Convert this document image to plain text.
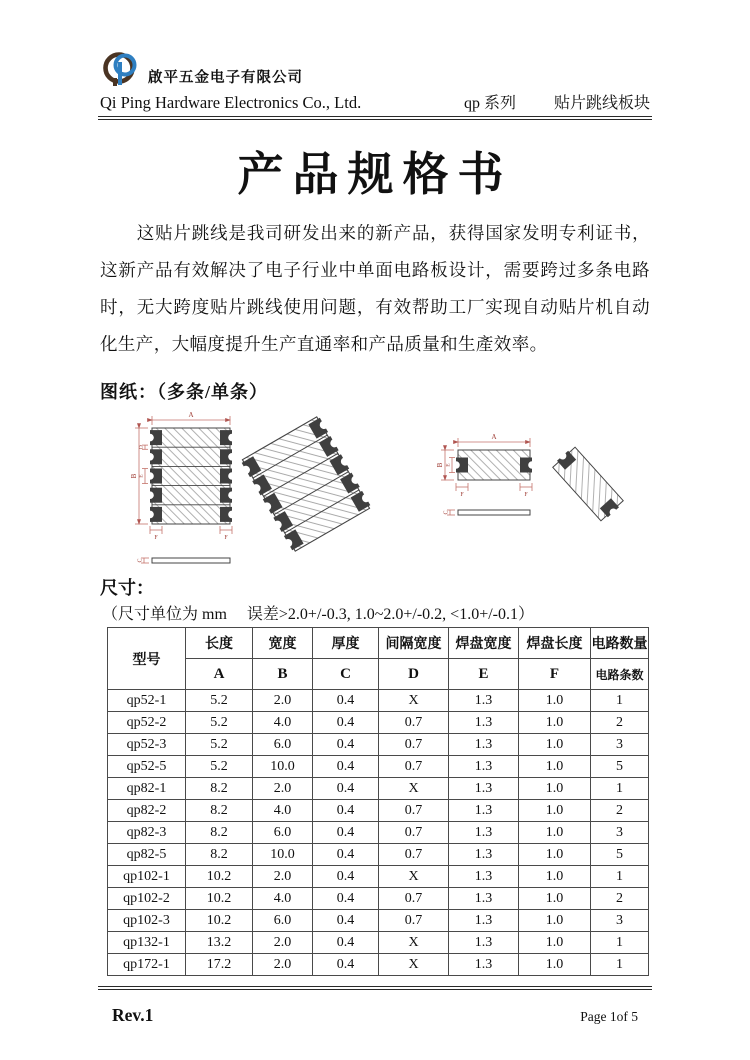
啟平五金电子有限公司
Qi Ping Hardware Electronics Co., Ltd.	qp 系列 贴片跳线板块
产品规格书
这贴片跳线是我司研发出来的新产品，获得国家发明专利证书，这新产品有效解决了电子行业中单面电路板设计，需要跨过多条电路时，无大跨度贴片跳线使用问题，有效帮助工厂实现自动贴片机自动化生产，大幅度提升生产直通率和产品质量和生產效率。
图纸：（多条/单条）
A
B
D
E
F	F
C
A
B E
F	F
C
尺寸：
（尺寸单位为 mm　 误差>2.0+/-0.3, 1.0~2.0+/-0.2, <1.0+/-0.1）
型号	长度	宽度	厚度	间隔宽度	焊盘宽度	焊盘长度	电路数量
	A	B	C	D	E	F	电路条数
qp52-1	5.2	2.0	0.4	X	1.3	1.0	1
qp52-2	5.2	4.0	0.4	0.7	1.3	1.0	2
qp52-3	5.2	6.0	0.4	0.7	1.3	1.0	3
qp52-5	5.2	10.0	0.4	0.7	1.3	1.0	5
qp82-1	8.2	2.0	0.4	X	1.3	1.0	1
qp82-2	8.2	4.0	0.4	0.7	1.3	1.0	2
qp82-3	8.2	6.0	0.4	0.7	1.3	1.0	3
qp82-5	8.2	10.0	0.4	0.7	1.3	1.0	5
qp102-1	10.2	2.0	0.4	X	1.3	1.0	1
qp102-2	10.2	4.0	0.4	0.7	1.3	1.0	2
qp102-3	10.2	6.0	0.4	0.7	1.3	1.0	3
qp132-1	13.2	2.0	0.4	X	1.3	1.0	1
qp172-1	17.2	2.0	0.4	X	1.3	1.0	1
Rev.1	Page 1of 5
